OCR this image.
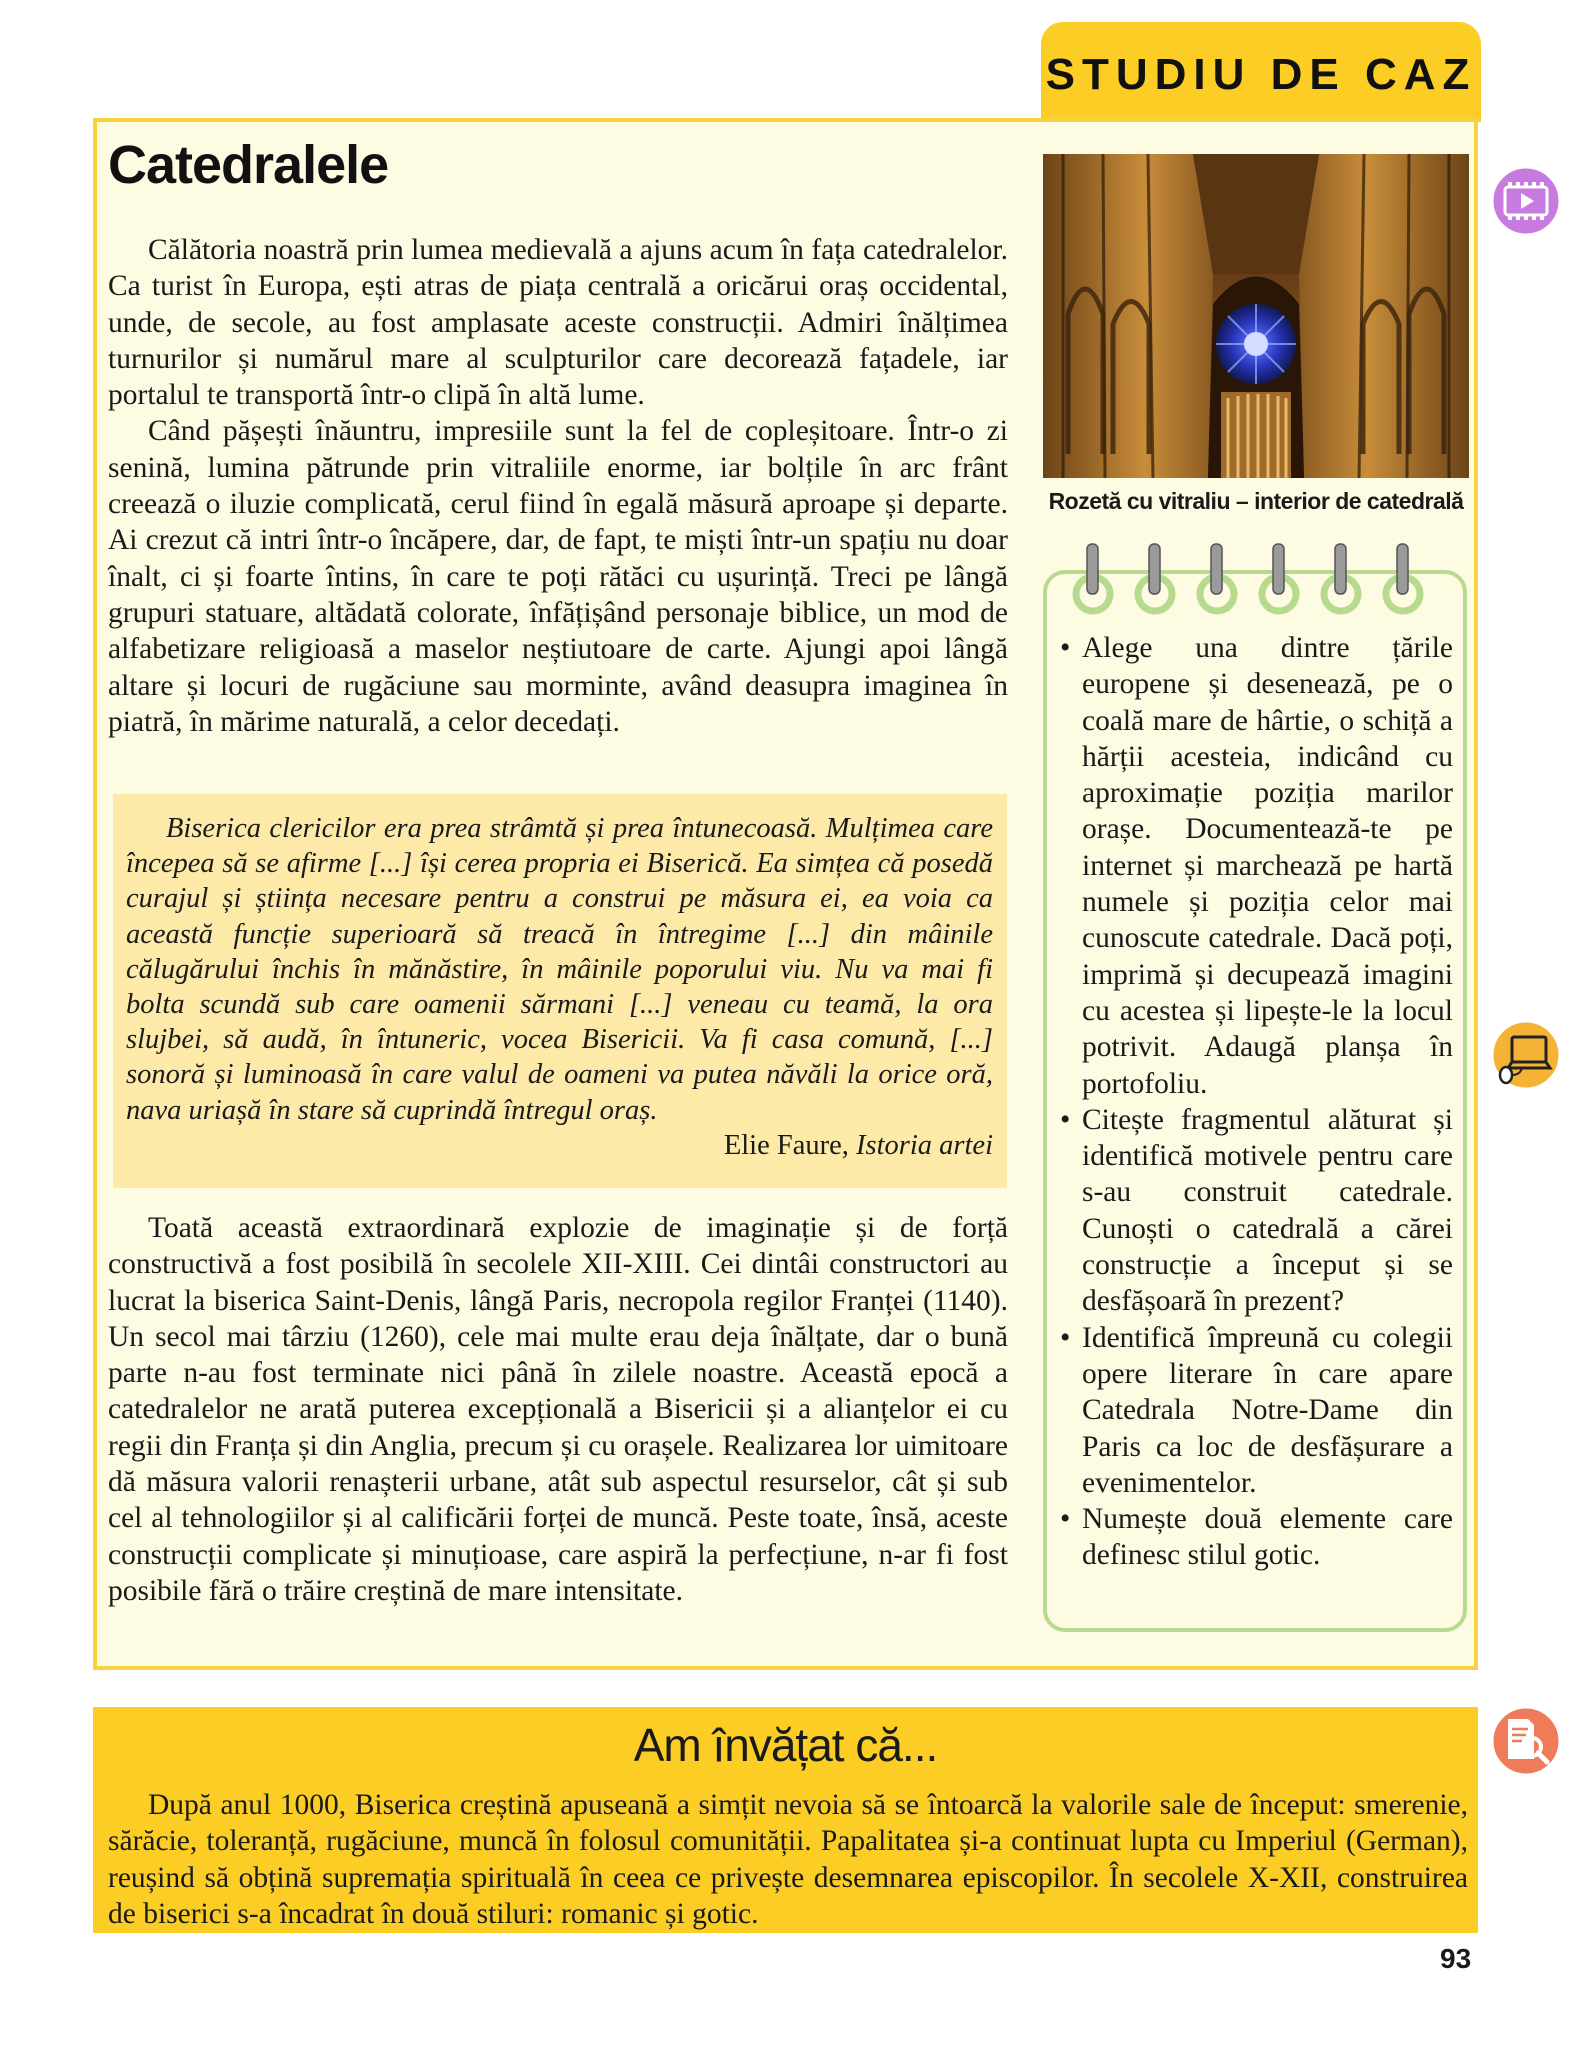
STUDIU DE CAZ
Catedralele

Călătoria noastră prin lumea medievală a ajuns acum în fața catedralelor. Ca turist în Europa, ești atras de piața centrală a oricărui oraș occidental, unde, de secole, au fost amplasate aceste construcții. Admiri înălțimea turnurilor și numărul mare al sculpturilor care decorează fațadele, iar portalul te transportă într-o clipă în altă lume.

Când pășești înăuntru, impresiile sunt la fel de copleșitoare. Într-o zi senină, lumina pătrunde prin vitraliile enorme, iar bolțile în arc frânt creează o iluzie complicată, cerul fiind în egală măsură aproape și departe. Ai crezut că intri într-o încăpere, dar, de fapt, te miști într-un spațiu nu doar înalt, ci și foarte întins, în care te poți rătăci cu ușurință. Treci pe lângă grupuri statuare, altădată colorate, înfățișând personaje biblice, un mod de alfabetizare religioasă a maselor neștiutoare de carte. Ajungi apoi lângă altare și locuri de rugăciune sau morminte, având deasupra imaginea în piatră, în mărime naturală, a celor decedați.

Biserica clericilor era prea strâmtă și prea întunecoasă. Mulțimea care începea să se afirme [...] își cerea propria ei Biserică. Ea simțea că posedă curajul și știința necesare pentru a construi pe măsura ei, ea voia ca această funcție superioară să treacă în întregime [...] din mâinile călugărului închis în mănăstire, în mâinile poporului viu. Nu va mai fi bolta scundă sub care oamenii sărmani [...] veneau cu teamă, la ora slujbei, să audă, în întuneric, vocea Bisericii. Va fi casa comună, [...] sonoră și luminoasă în care valul de oameni va putea năvăli la orice oră, nava uriașă în stare să cuprindă întregul oraș.

Elie Faure, Istoria artei

Toată această extraordinară explozie de imaginație și de forță constructivă a fost posibilă în secolele XII-XIII. Cei dintâi constructori au lucrat la biserica Saint-Denis, lângă Paris, necropola regilor Franței (1140). Un secol mai târziu (1260), cele mai multe erau deja înălțate, dar o bună parte n-au fost terminate nici până în zilele noastre. Această epocă a catedralelor ne arată puterea excepțională a Bisericii și a alianțelor ei cu regii din Franța și din Anglia, precum și cu orașele. Realizarea lor uimitoare dă măsura valorii renașterii urbane, atât sub aspectul resurselor, cât și sub cel al tehnologiilor și al calificării forței de muncă. Peste toate, însă, aceste construcții complicate și minuțioase, care aspiră la perfecțiune, n-ar fi fost posibile fără o trăire creștină de mare intensitate.

Rozetă cu vitraliu – interior de catedrală
• Alege una dintre țările europene și desenează, pe o coală mare de hârtie, o schiță a hărții acesteia, indicând cu aproximație poziția marilor orașe. Documentează-te pe internet și marchează pe hartă numele și poziția celor mai cunoscute catedrale. Dacă poți, imprimă și decupează imagini cu acestea și lipește-le la locul potrivit. Adaugă planșa în portofoliu.
• Citește fragmentul alăturat și identifică motivele pentru care s-au construit catedrale. Cunoști o catedrală a cărei construcție a început și se desfășoară în prezent?
• Identifică împreună cu colegii opere literare în care apare Catedrala Notre-Dame din Paris ca loc de desfășurare a evenimentelor.
• Numește două elemente care definesc stilul gotic.
Am învățat că...

După anul 1000, Biserica creștină apuseană a simțit nevoia să se întoarcă la valorile sale de început: smerenie, sărăcie, toleranță, rugăciune, muncă în folosul comunității. Papalitatea și-a continuat lupta cu Imperiul (German), reușind să obțină supremația spirituală în ceea ce privește desemnarea episcopilor. În secolele X-XII, construirea de biserici s-a încadrat în două stiluri: romanic și gotic.

93
